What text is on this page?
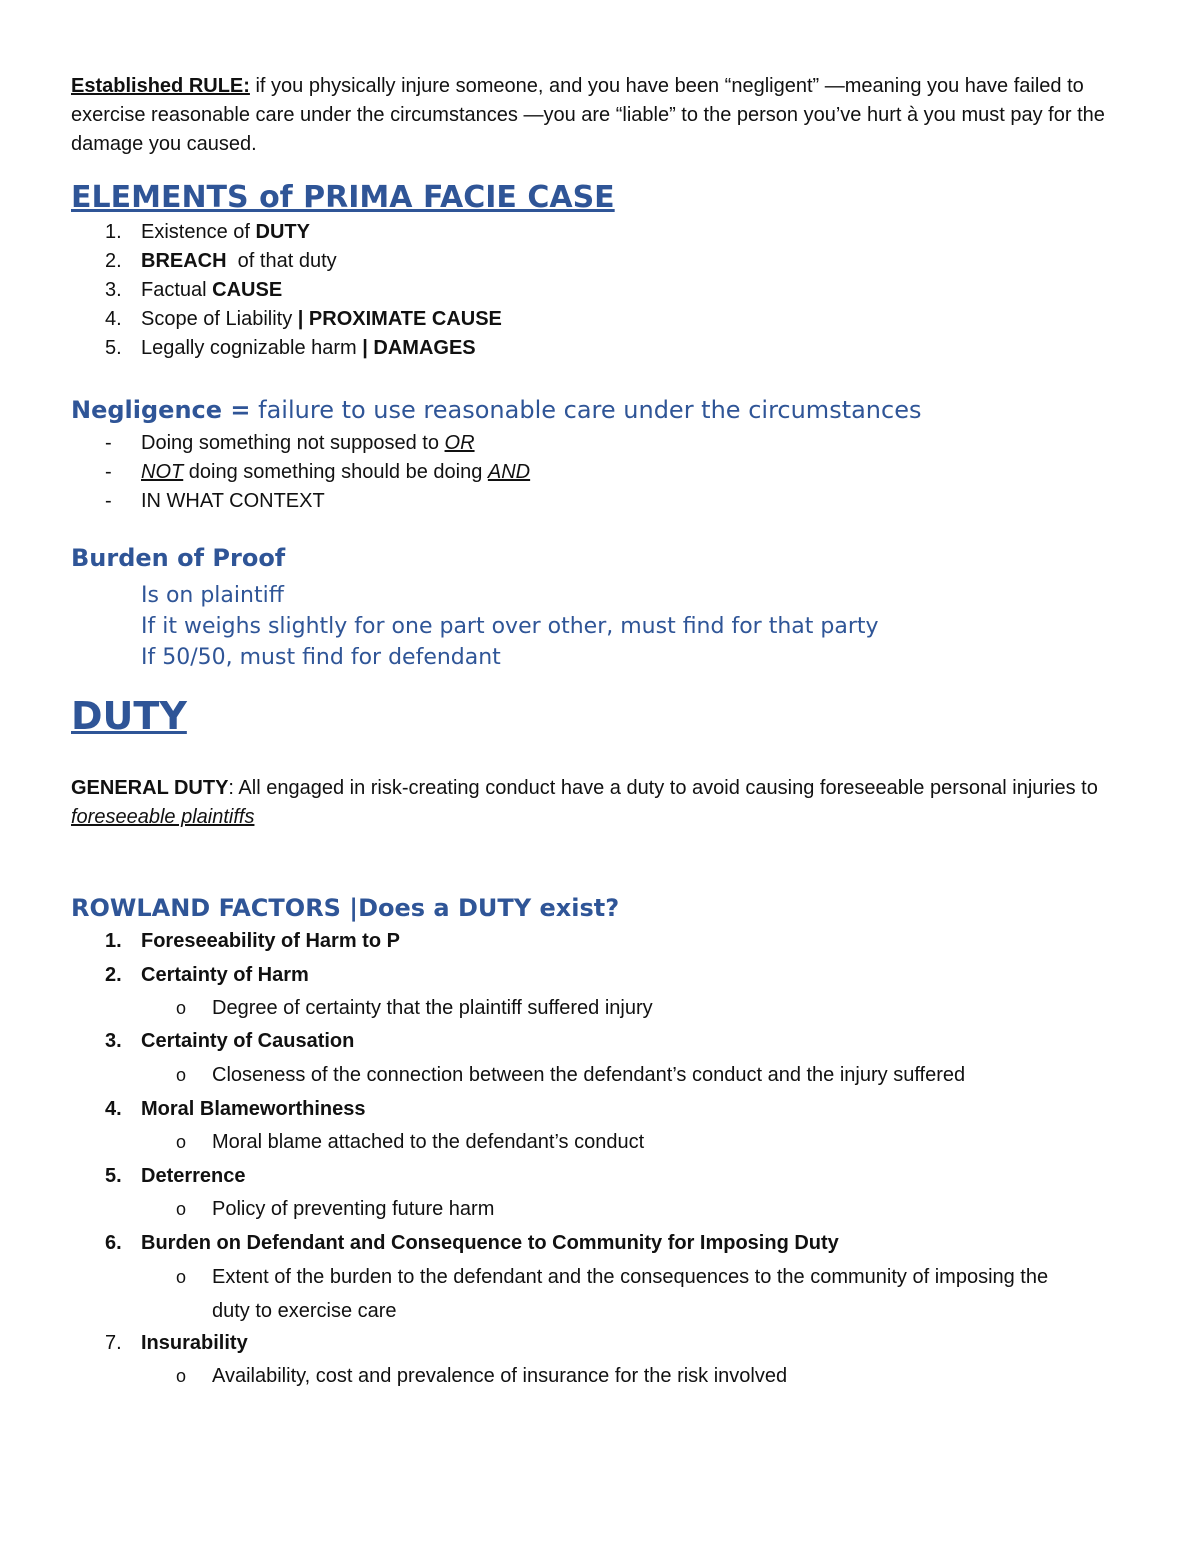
Established RULE: if you physically injure someone, and you have been “negligent” —meaning you have failed to exercise reasonable care under the circumstances —you are “liable” to the person you’ve hurt à you must pay for the damage you caused.
ELEMENTS of PRIMA FACIE CASE
1. Existence of DUTY
2. BREACH  of that duty
3. Factual CAUSE
4. Scope of Liability | PROXIMATE CAUSE
5. Legally cognizable harm | DAMAGES
Negligence = failure to use reasonable care under the circumstances
- Doing something not supposed to OR
- NOT doing something should be doing AND
- IN WHAT CONTEXT
Burden of Proof
Is on plaintiff
If it weighs slightly for one part over other, must find for that party
If 50/50, must find for defendant
DUTY
GENERAL DUTY: All engaged in risk-creating conduct have a duty to avoid causing foreseeable personal injuries to foreseeable plaintiffs
ROWLAND FACTORS |Does a DUTY exist?
1. Foreseeability of Harm to P
2. Certainty of Harm
o Degree of certainty that the plaintiff suffered injury
3. Certainty of Causation
o Closeness of the connection between the defendant’s conduct and the injury suffered
4. Moral Blameworthiness
o Moral blame attached to the defendant’s conduct
5. Deterrence
o Policy of preventing future harm
6. Burden on Defendant and Consequence to Community for Imposing Duty
o Extent of the burden to the defendant and the consequences to the community of imposing the
duty to exercise care
7. Insurability
o Availability, cost and prevalence of insurance for the risk involved
